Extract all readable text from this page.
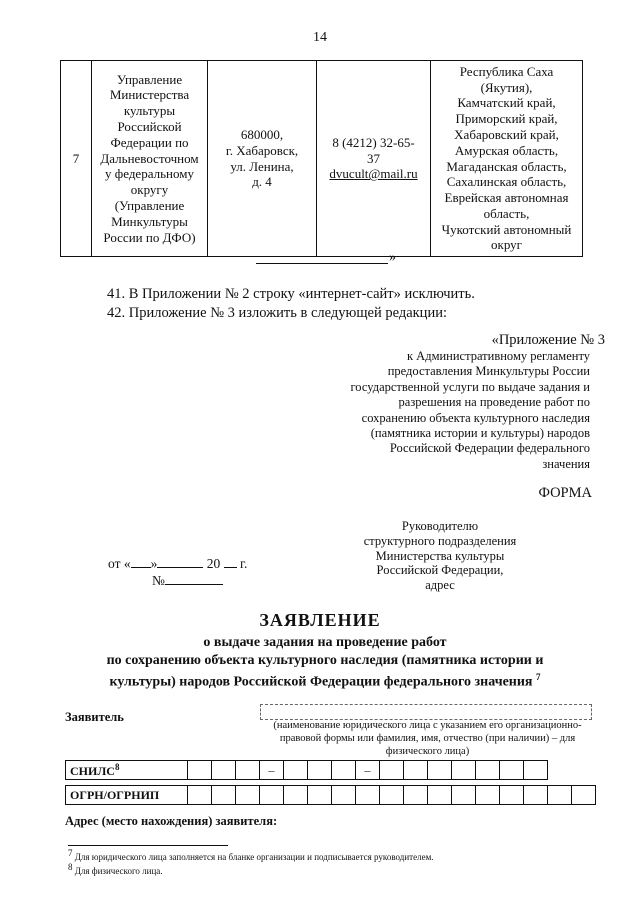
14
7	
Управление
Министерства
культуры
Российской
Федерации по
Дальневосточном
у федеральному
округу
(Управление
Минкультуры
России по ДФО)

680000,
г. Хабаровск,
ул. Ленина,
д. 4

8 (4212) 32-65-
37
dvucult@mail.ru

Республика Саха
(Якутия),
Камчатский край,
Приморский край,
Хабаровский край,
Амурская область,
Магаданская область,
Сахалинская область,
Еврейская автономная
область,
Чукотский автономный
округ
»
41. В Приложении № 2 строку «интернет-сайт» исключить.
42. Приложение № 3 изложить в следующей редакции:
«Приложение № 3
к Административному регламенту
предоставления Минкультуры России
государственной услуги по выдаче задания и
разрешения на проведение работ по
сохранению объекта культурного наследия
(памятника истории и культуры) народов
Российской Федерации федерального
значения
ФОРМА
Руководителю
структурного подразделения
Министерства культуры
Российской Федерации,
адрес
от « »	20 г.
№
ЗАЯВЛЕНИЕ
о выдаче задания на проведение работ
по сохранению объекта культурного наследия (памятника истории и
культуры) народов Российской Федерации федерального значения $^7$
Заявитель
(наименование юридического лица с указанием его организационно-
правовой формы или фамилия, имя, отчество (при наличии) – для
физического лица)
СНИЛС$^8$				–				–							
ОГРН/ОГРНИП																	
Адрес (место нахождения) заявителя:
$^7$ Для юридического лица заполняется на бланке организации и подписывается руководителем.
$^8$ Для физического лица.
